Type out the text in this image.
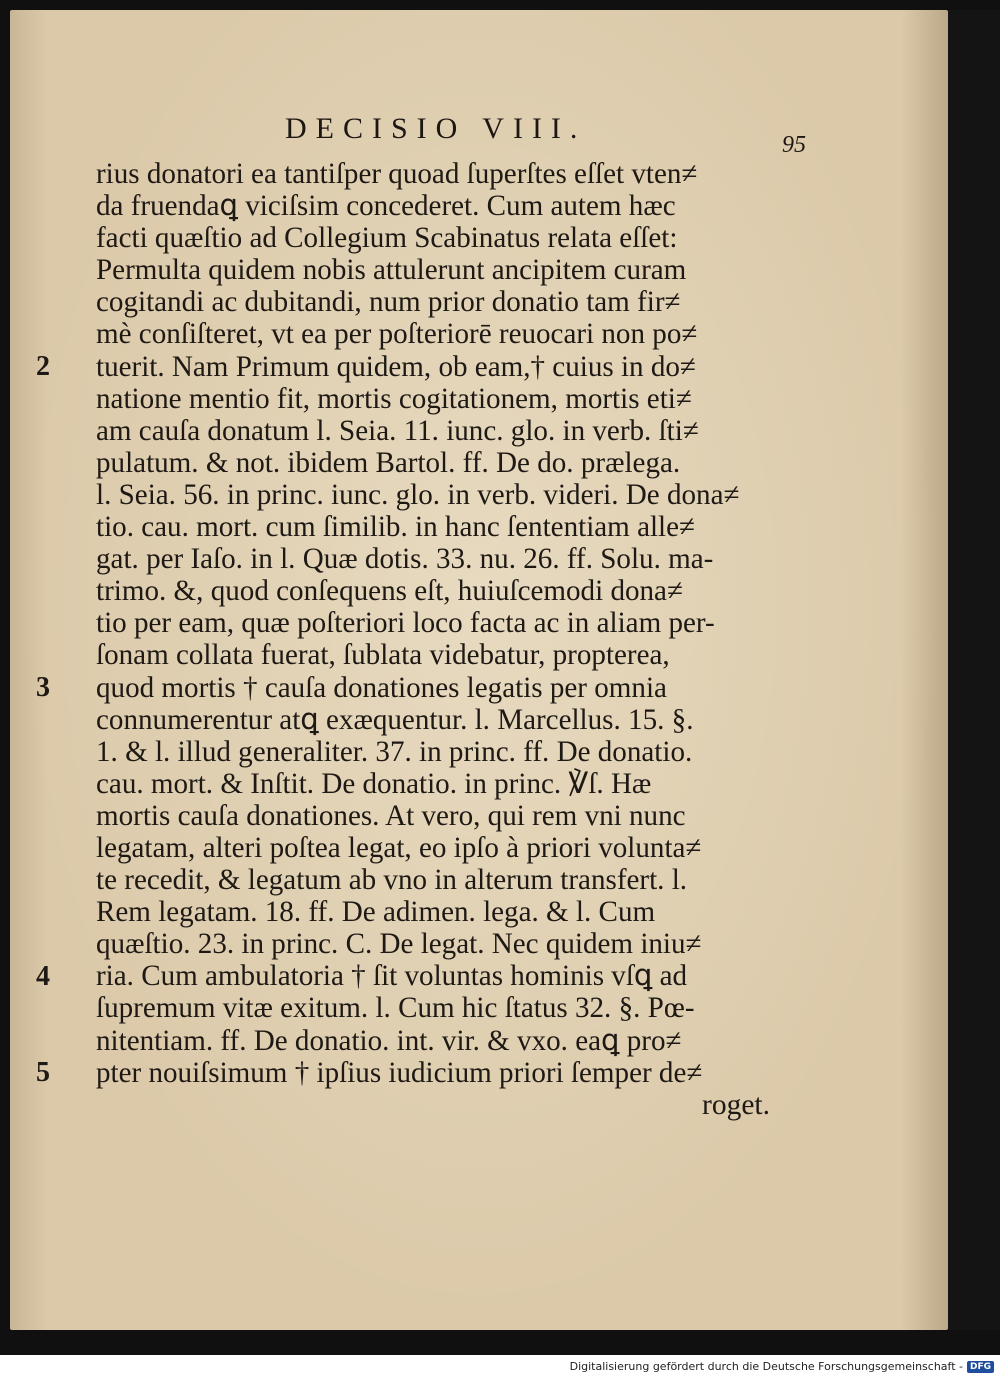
DECISIO VIII.	95
rius donatori ea tantiſper quoad ſuperſtes eſſet vten≠
da fruendaꝗ viciſsim concederet. Cum autem hæc
facti quæſtio ad Collegium Scabinatus relata eſſet:
Permulta quidem nobis attulerunt ancipitem curam
cogitandi ac dubitandi, num prior donatio tam fir≠
mè conſiſteret, vt ea per poſteriorē reuocari non po≠
tuerit. Nam Primum quidem, ob eam,† cuius in do≠
natione mentio fit, mortis cogitationem, mortis eti≠
am cauſa donatum l. Seia. 11. iunc. glo. in verb. ſti≠
pulatum. & not. ibidem Bartol. ff. De do. prælega.
l. Seia. 56. in princ. iunc. glo. in verb. videri. De dona≠
tio. cau. mort. cum ſimilib. in hanc ſententiam alle≠
gat. per Iaſo. in l. Quæ dotis. 33. nu. 26. ff. Solu. ma-
trimo. &, quod conſequens eſt, huiuſcemodi dona≠
tio per eam, quæ poſteriori loco facta ac in aliam per-
ſonam collata fuerat, ſublata videbatur, propterea,
quod mortis † cauſa donationes legatis per omnia
connumerentur atꝗ exæquentur. l. Marcellus. 15. §.
1. & l. illud generaliter. 37. in princ. ff. De donatio.
cau. mort. & Inſtit. De donatio. in princ. ℣ſ. Hæ
mortis cauſa donationes. At vero, qui rem vni nunc
legatam, alteri poſtea legat, eo ipſo à priori volunta≠
te recedit, & legatum ab vno in alterum transfert. l.
Rem legatam. 18. ff. De adimen. lega. & l. Cum
quæſtio. 23. in princ. C. De legat. Nec quidem iniu≠
ria. Cum ambulatoria † ſit voluntas hominis vſꝗ ad
ſupremum vitæ exitum. l. Cum hic ſtatus 32. §. Pœ-
nitentiam. ff. De donatio. int. vir. & vxo. eaꝗ pro≠
pter nouiſsimum † ipſius iudicium priori ſemper de≠
roget.
2
3
4
5
Digitalisierung gefördert durch die Deutsche Forschungsgemeinschaft - DFG
